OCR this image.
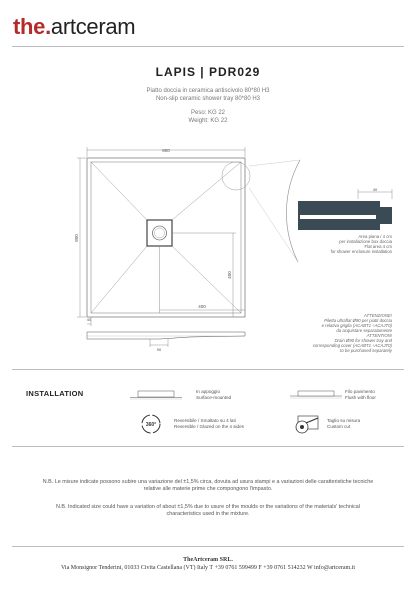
the.artceram
LAPIS | PDR029
Piatto doccia in ceramica antiscivolo 80*80 H3
Non-slip ceramic shower tray 80*80 H3
Peso: KG 22
Weight: KG 22
800
800
400
400
40
40
90
Area piana / 4 cm
per installazione box doccia
Flat area 4 cm
for shower enclosure installation
ATTENZIONE!
Piletta ultraflat Ø90 per piatti doccia
e relativa griglia (ACABT1 ÷ACAJT0)
da acquistare separatamente
ATTENTION!
Drain Ø90 for shower tray and
corresponding cover (ACABT1 ÷ACAJT0)
to be purchased separately
INSTALLATION
360°
In appoggio
Surface-mounted
Filo pavimento
Flush with floor
Reversibile / Smaltato su 4 lati
Reversible / Glazed on the 4 sides
Taglio su misura
Custom cut
N.B. Le misure indicate possono subire una variazione del ±1,5% circa, dovuta ad usura stampi e a variazioni delle caratteristiche tecniche relative alle materie prime che compongono l'impasto.
N.B. Indicated size could have a variation of about ±1,5% due to usure of the moulds or the variations of the materials' technical characteristics used in the mixture.
TheArtceram SRL.
Via Monsignor Tenderini, 01033 Civita Castellana (VT) Italy T +39 0761 599499 F +39 0761 514232 W info@artceram.it
